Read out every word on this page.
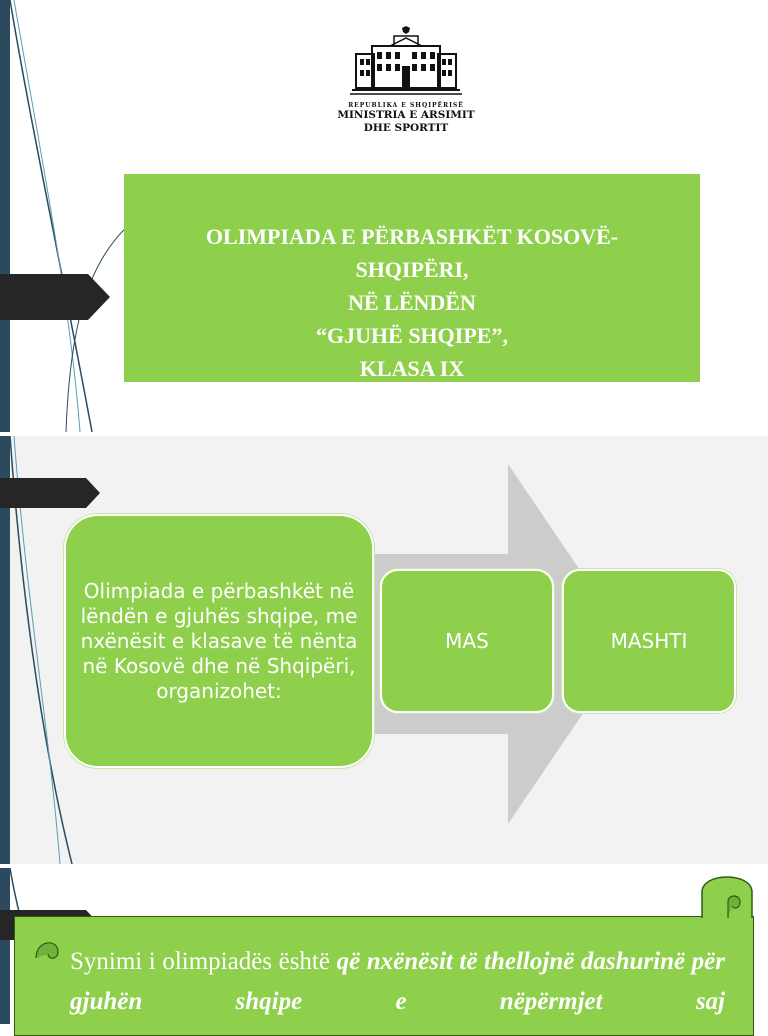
REPUBLIKA E SHQIPËRISË
MINISTRIA E ARSIMIT
DHE SPORTIT
OLIMPIADA E PËRBASHKËT KOSOVË-
SHQIPËRI,
NË LËNDËN
“GJUHË SHQIPE”,
KLASA IX
Olimpiada e përbashkët në lëndën e gjuhës shqipe, me nxënësit e klasave të nënta në Kosovë dhe në Shqipëri, organizohet:
MAS	MASHTI
Synimi i olimpiadës është që nxënësit të thellojnë dashurinë për gjuhën shqipe e nëpërmjet saj
